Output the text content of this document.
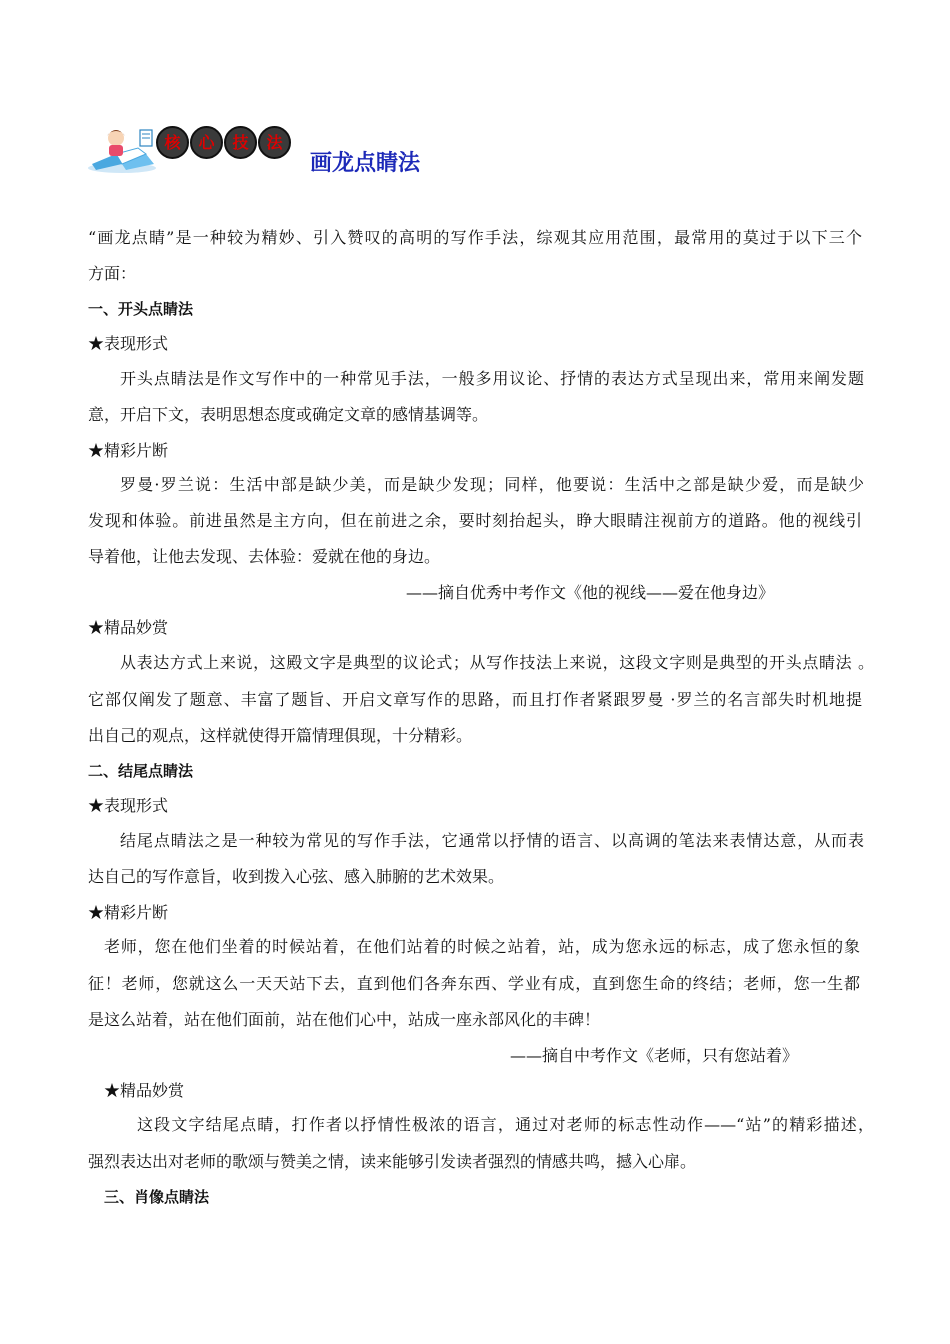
核 心 技 法
画龙点睛法
“画龙点睛”是一种较为精妙、引入赞叹的高明的写作手法，综观其应用范围，最常用的莫过于以下三个
方面：
一、开头点睛法
★表现形式
开头点睛法是作文写作中的一种常见手法，一般多用议论、抒情的表达方式呈现出来，常用来阐发题
意，开启下文，表明思想态度或确定文章的感情基调等。
★精彩片断
罗曼·罗兰说：生活中部是缺少美，而是缺少发现；同样，他要说：生活中之部是缺少爱，而是缺少
发现和体验。前进虽然是主方向，但在前进之余，要时刻抬起头，睁大眼睛注视前方的道路。他的视线引
导着他，让他去发现、去体验：爱就在他的身边。
——摘自优秀中考作文《他的视线——爱在他身边》
★精品妙赏
从表达方式上来说，这殿文字是典型的议论式；从写作技法上来说，这段文字则是典型的开头点睛法 。
它部仅阐发了题意、丰富了题旨、开启文章写作的思路，而且打作者紧跟罗曼 ·罗兰的名言部失时机地提
出自己的观点，这样就使得开篇情理俱现，十分精彩。
二、结尾点睛法
★表现形式
结尾点睛法之是一种较为常见的写作手法，它通常以抒情的语言、以高调的笔法来表情达意，从而表
达自己的写作意旨，收到拨入心弦、感入肺腑的艺术效果。
★精彩片断
老师，您在他们坐着的时候站着，在他们站着的时候之站着，站，成为您永远的标志，成了您永恒的象
征！老师，您就这么一天天站下去，直到他们各奔东西、学业有成，直到您生命的终结；老师，您一生都
是这么站着，站在他们面前，站在他们心中，站成一座永部风化的丰碑！
——摘自中考作文《老师，只有您站着》
★精品妙赏
这段文字结尾点睛，打作者以抒情性极浓的语言，通过对老师的标志性动作——“站”的精彩描述，
强烈表达出对老师的歌颂与赞美之情，读来能够引发读者强烈的情感共鸣，撼入心扉。
三、肖像点睛法
